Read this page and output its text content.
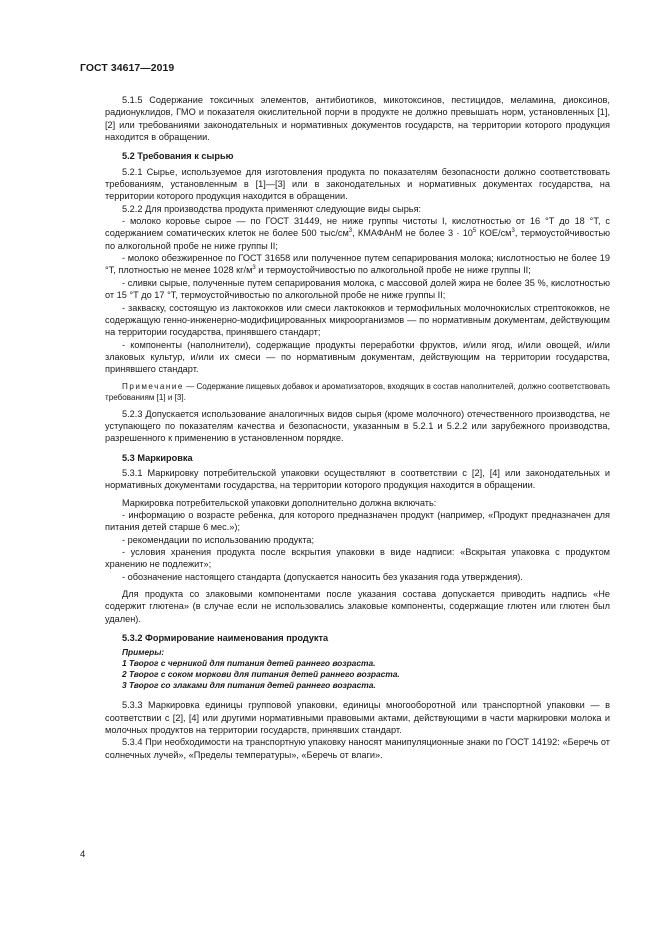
ГОСТ 34617—2019

5.1.5 Содержание токсичных элементов, антибиотиков, микотоксинов, пестицидов, меламина, диоксинов, радионуклидов, ГМО и показателя окислительной порчи в продукте не должно превышать норм, установленных [1], [2] или требованиями законодательных и нормативных документов государств, на территории которого продукция находится в обращении.

5.2 Требования к сырью

5.2.1 Сырье, используемое для изготовления продукта по показателям безопасности должно соответствовать требованиям, установленным в [1]—[3] или в законодательных и нормативных документах государства, на территории которого продукция находится в обращении.

5.2.2 Для производства продукта применяют следующие виды сырья:

- молоко коровье сырое — по ГОСТ 31449, не ниже группы чистоты I, кислотностью от 16 °Т до 18 °Т, с содержанием соматических клеток не более 500 тыс/$см^3$, КМАФАнМ не более $3 \cdot 10^5$ КОЕ/$см^3$, термоустойчивостью по алкогольной пробе не ниже группы II;

- молоко обезжиренное по ГОСТ 31658 или полученное путем сепарирования молока; кислотностью не более 19 °Т, плотностью не менее 1028 $кг/м^3$ и термоустойчивостью по алкогольной пробе не ниже группы II;

- сливки сырые, полученные путем сепарирования молока, с массовой долей жира не более 35 %, кислотностью от 15 °Т до 17 °Т, термоустойчивостью по алкогольной пробе не ниже группы II;

- закваску, состоящую из лактококков или смеси лактококков и термофильных молочнокислых стрептококков, не содержащую генно-инженерно-модифицированных микроорганизмов — по нормативным документам, действующим на территории государства, принявшего стандарт;

- компоненты (наполнители), содержащие продукты переработки фруктов, и/или ягод, и/или овощей, и/или злаковых культур, и/или их смеси — по нормативным документам, действующим на территории государства, принявшего стандарт.

Примечание — Содержание пищевых добавок и ароматизаторов, входящих в состав наполнителей, должно соответствовать требованиям [1] и [3].

5.2.3 Допускается использование аналогичных видов сырья (кроме молочного) отечественного производства, не уступающего по показателям качества и безопасности, указанным в 5.2.1 и 5.2.2 или зарубежного производства, разрешенного к применению в установленном порядке.

5.3 Маркировка

5.3.1 Маркировку потребительской упаковки осуществляют в соответствии с [2], [4] или законодательных и нормативных документами государства, на территории которого продукция находится в обращении.

Маркировка потребительской упаковки дополнительно должна включать:

- информацию о возрасте ребенка, для которого предназначен продукт (например, «Продукт предназначен для питания детей старше 6 мес.»);

- рекомендации по использованию продукта;

- условия хранения продукта после вскрытия упаковки в виде надписи: «Вскрытая упаковка с продуктом хранению не подлежит»;

- обозначение настоящего стандарта (допускается наносить без указания года утверждения).

Для продукта со злаковыми компонентами после указания состава допускается приводить надпись «Не содержит глютена» (в случае если не использовались злаковые компоненты, содержащие глютен или глютен был удален).

5.3.2 Формирование наименования продукта

Примеры:

1 Творог с черникой для питания детей раннего возраста.

2 Творог с соком моркови для питания детей раннего возраста.

3 Творог со злаками для питания детей раннего возраста.

5.3.3 Маркировка единицы групповой упаковки, единицы многооборотной или транспортной упаковки — в соответствии с [2], [4] или другими нормативными правовыми актами, действующими в части маркировки молока и молочных продуктов на территории государств, принявших стандарт.

5.3.4 При необходимости на транспортную упаковку наносят манипуляционные знаки по ГОСТ 14192: «Беречь от солнечных лучей», «Пределы температуры», «Беречь от влаги».

4
